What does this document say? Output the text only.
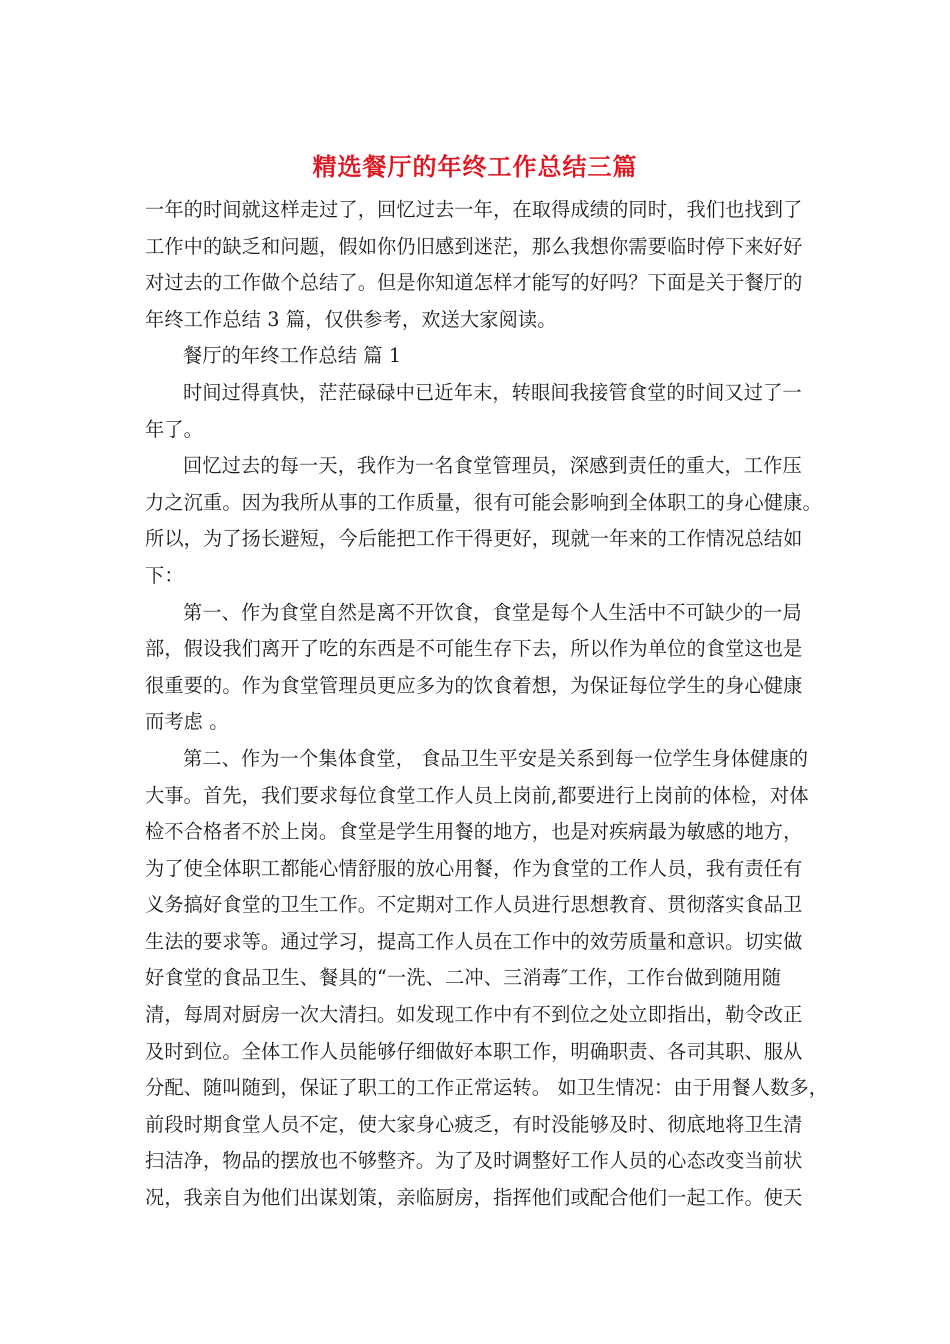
精选餐厅的年终工作总结三篇
一年的时间就这样走过了，回忆过去一年，在取得成绩的同时，我们也找到了
工作中的缺乏和问题，假如你仍旧感到迷茫，那么我想你需要临时停下来好好
对过去的工作做个总结了。但是你知道怎样才能写的好吗？下面是关于餐厅的
年终工作总结 3 篇，仅供参考，欢送大家阅读。
餐厅的年终工作总结 篇 1
时间过得真快，茫茫碌碌中已近年末，转眼间我接管食堂的时间又过了一
年了。
回忆过去的每一天，我作为一名食堂管理员，深感到责任的重大，工作压
力之沉重。因为我所从事的工作质量，很有可能会影响到全体职工的身心健康。
所以，为了扬长避短，今后能把工作干得更好，现就一年来的工作情况总结如
下：
第一、作为食堂自然是离不开饮食，食堂是每个人生活中不可缺少的一局
部，假设我们离开了吃的东西是不可能生存下去，所以作为单位的食堂这也是
很重要的。作为食堂管理员更应多为的饮食着想，为保证每位学生的身心健康
而考虑 。
第二、作为一个集体食堂， 食品卫生平安是关系到每一位学生身体健康的
大事。首先，我们要求每位食堂工作人员上岗前,都要进行上岗前的体检，对体
检不合格者不於上岗。食堂是学生用餐的地方，也是对疾病最为敏感的地方，
为了使全体职工都能心情舒服的放心用餐，作为食堂的工作人员，我有责任有
义务搞好食堂的卫生工作。不定期对工作人员进行思想教育、贯彻落实食品卫
生法的要求等。通过学习，提高工作人员在工作中的效劳质量和意识。切实做
好食堂的食品卫生、餐具的“一洗、二冲、三消毒″工作，工作台做到随用随
清，每周对厨房一次大清扫。如发现工作中有不到位之处立即指出，勒令改正
及时到位。全体工作人员能够仔细做好本职工作，明确职责、各司其职、服从
分配、随叫随到，保证了职工的工作正常运转。 如卫生情况：由于用餐人数多，
前段时期食堂人员不定，使大家身心疲乏，有时没能够及时、彻底地将卫生清
扫洁净，物品的摆放也不够整齐。为了及时调整好工作人员的心态改变当前状
况，我亲自为他们出谋划策，亲临厨房，指挥他们或配合他们一起工作。使天
